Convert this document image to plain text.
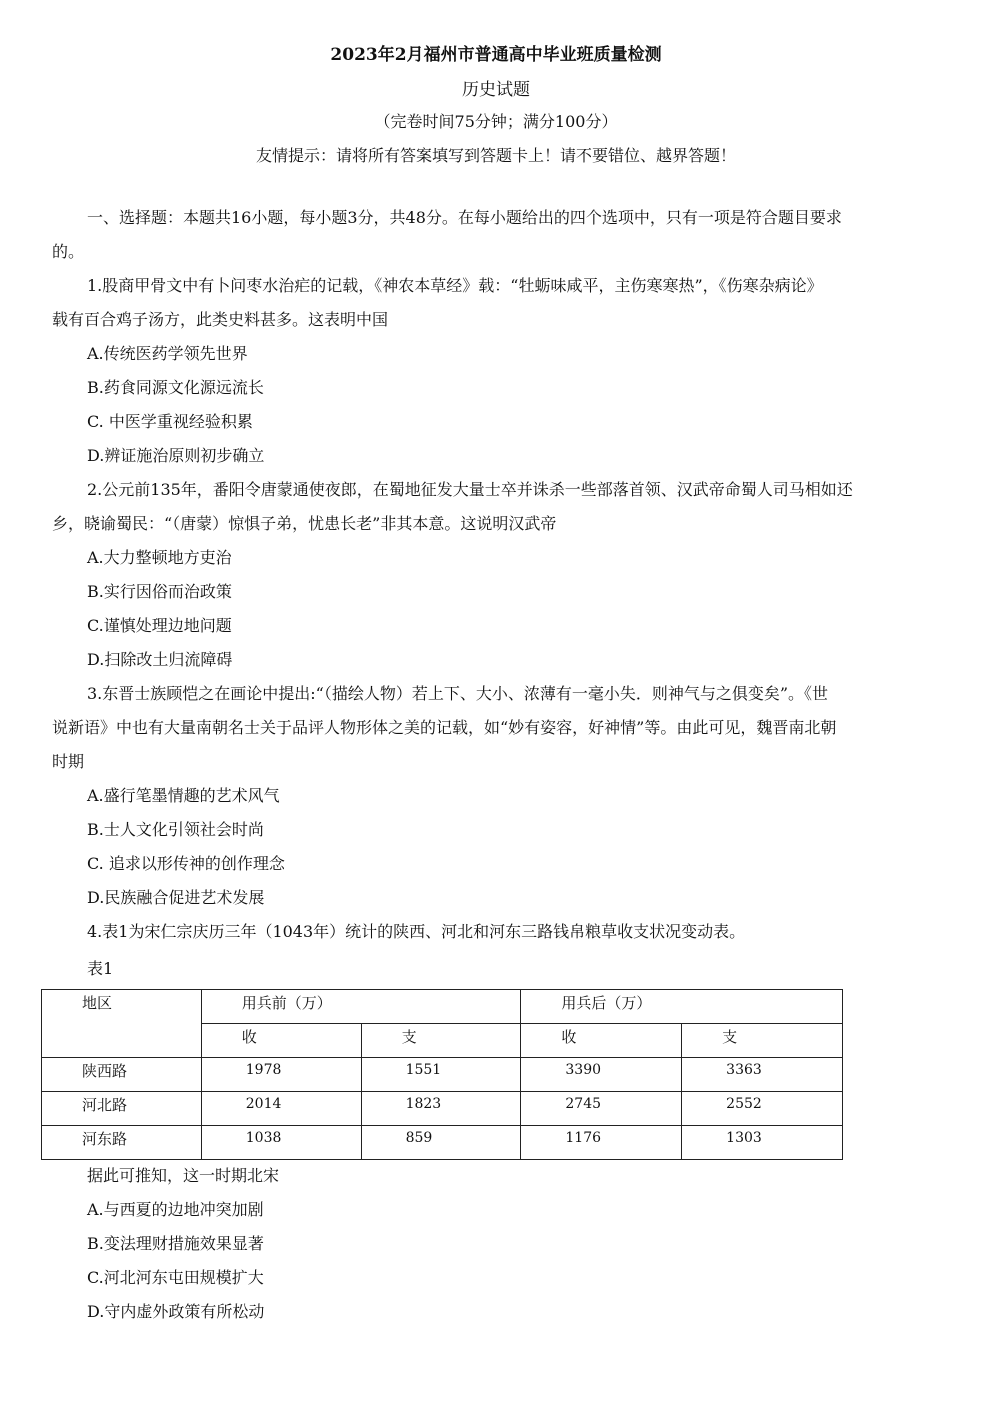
2023年2月福州市普通高中毕业班质量检测
历史试题
（完卷时间75分钟；满分100分）
友情提示：请将所有答案填写到答题卡上！请不要错位、越界答题！
一、选择题：本题共16小题，每小题3分，共48分。在每小题给出的四个选项中，只有一项是符合题目要求
的。
1.股商甲骨文中有卜问枣水治疟的记载，《神农本草经》载：“牡蛎味咸平，主伤寒寒热”，《伤寒杂病论》
载有百合鸡子汤方，此类史料甚多。这表明中国
A.传统医药学领先世界
B.药食同源文化源远流长
C. 中医学重视经验积累
D.辨证施治原则初步确立
2.公元前135年，番阳令唐蒙通使夜郎，在蜀地征发大量士卒并诛杀一些部落首领、汉武帝命蜀人司马相如还
乡，晓谕蜀民：“（唐蒙）惊惧子弟，忧患长老”非其本意。这说明汉武帝
A.大力整顿地方吏治
B.实行因俗而治政策
C.谨慎处理边地问题
D.扫除改土归流障碍
3.东晋士族顾恺之在画论中提出:“（描绘人物）若上下、大小、浓薄有一毫小失．则神气与之俱变矣”。《世
说新语》中也有大量南朝名士关于品评人物形体之美的记载，如“妙有姿容，好神情”等。由此可见，魏晋南北朝
时期
A.盛行笔墨情趣的艺术风气
B.士人文化引领社会时尚
C. 追求以形传神的创作理念
D.民族融合促进艺术发展
4.表1为宋仁宗庆历三年（1043年）统计的陕西、河北和河东三路钱帛粮草收支状况变动表。
表1
地区	用兵前（万）		用兵后（万）	
	收	支	收	支
陕西路	1978	1551	3390	3363
河北路	2014	1823	2745	2552
河东路	1038	859	1176	1303
据此可推知，这一时期北宋
A.与西夏的边地冲突加剧
B.变法理财措施效果显著
C.河北河东屯田规模扩大
D.守内虚外政策有所松动
